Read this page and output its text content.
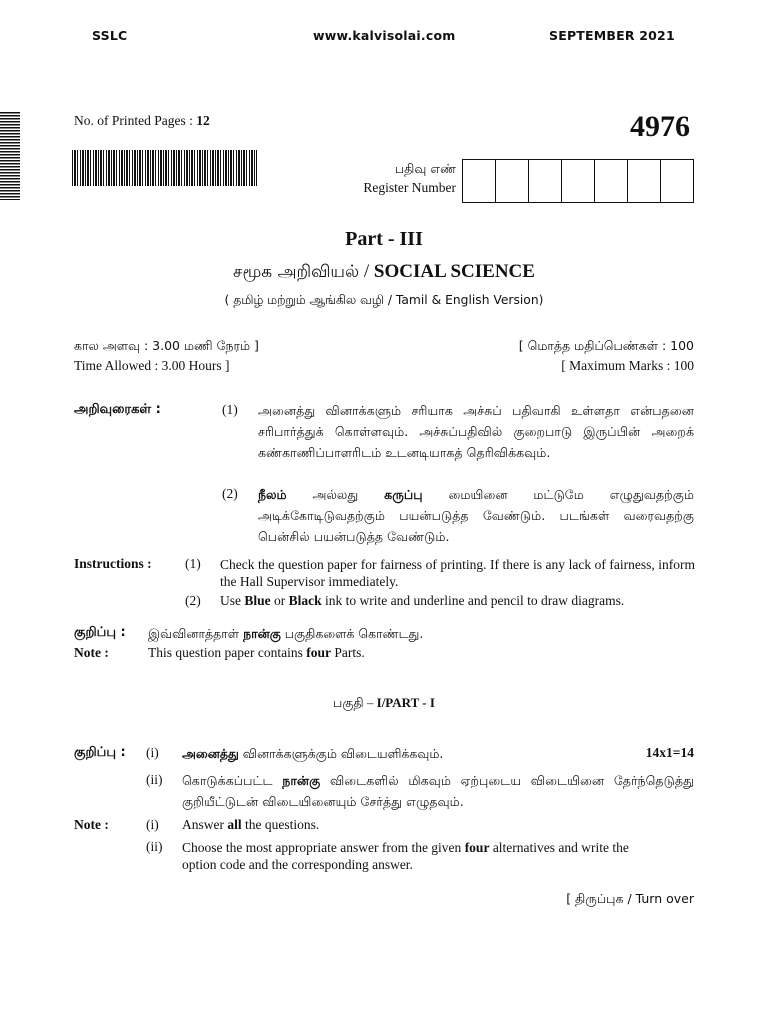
SSLC	www.kalvisolai.com	SEPTEMBER 2021
No. of Printed Pages : 12	4976
பதிவு எண்
Register Number
Part - III
சமூக அறிவியல் / SOCIAL SCIENCE
( தமிழ் மற்றும் ஆங்கில வழி / Tamil & English Version)
கால அளவு : 3.00 மணி நேரம் ]
Time Allowed : 3.00 Hours ]
[ மொத்த மதிப்பெண்கள் : 100
[ Maximum Marks : 100
அறிவுரைகள் :	(1) அனைத்து வினாக்களும் சரியாக அச்சுப் பதிவாகி உள்ளதா என்பதனை சரிபார்த்துக் கொள்ளவும். அச்சுப்பதிவில் குறைபாடு இருப்பின் அறைக் கண்காணிப்பாளரிடம் உடனடியாகத் தெரிவிக்கவும்.
(2) நீலம் அல்லது கருப்பு மையினை மட்டுமே எழுதுவதற்கும் அடிக்கோடிடுவதற்கும் பயன்படுத்த வேண்டும். படங்கள் வரைவதற்கு பென்சில் பயன்படுத்த வேண்டும்.
Instructions : (1) Check the question paper for fairness of printing. If there is any lack of fairness, inform the Hall Supervisor immediately.
(2) Use Blue or Black ink to write and underline and pencil to draw diagrams.
குறிப்பு : இவ்வினாத்தாள் நான்கு பகுதிகளைக் கொண்டது.
Note :	This question paper contains four Parts.
பகுதி – I/PART - I
குறிப்பு : (i) அனைத்து வினாக்களுக்கும் விடையளிக்கவும்.	14x1=14
(ii) கொடுக்கப்பட்ட நான்கு விடைகளில் மிகவும் ஏற்புடைய விடையினை தேர்ந்தெடுத்து குறியீட்டுடன் விடையினையும் சேர்த்து எழுதவும்.
Note :	(i) Answer all the questions.
(ii) Choose the most appropriate answer from the given four alternatives and write the option code and the corresponding answer.
[ திருப்புக / Turn over
